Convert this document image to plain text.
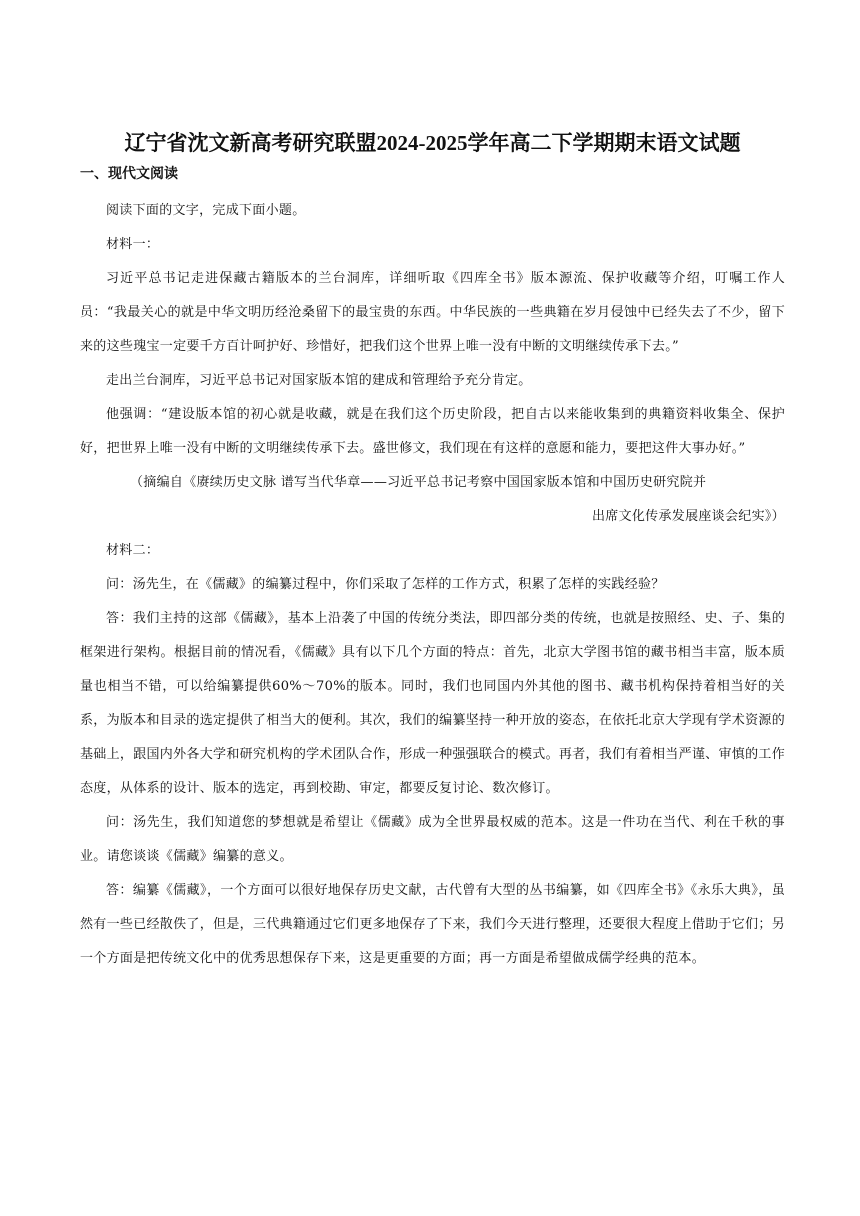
辽宁省沈文新高考研究联盟2024-2025学年高二下学期期末语文试题
一、现代文阅读

阅读下面的文字，完成下面小题。

材料一：

习近平总书记走进保藏古籍版本的兰台洞库，详细听取《四库全书》版本源流、保护收藏等介绍，叮嘱工作人员：“我最关心的就是中华文明历经沧桑留下的最宝贵的东西。中华民族的一些典籍在岁月侵蚀中已经失去了不少，留下来的这些瑰宝一定要千方百计呵护好、珍惜好，把我们这个世界上唯一没有中断的文明继续传承下去。”

走出兰台洞库，习近平总书记对国家版本馆的建成和管理给予充分肯定。

他强调：“建设版本馆的初心就是收藏，就是在我们这个历史阶段，把自古以来能收集到的典籍资料收集全、保护好，把世界上唯一没有中断的文明继续传承下去。盛世修文，我们现在有这样的意愿和能力，要把这件大事办好。”

（摘编自《赓续历史文脉 谱写当代华章——习近平总书记考察中国国家版本馆和中国历史研究院并

出席文化传承发展座谈会纪实》）

材料二：

问：汤先生，在《儒藏》的编纂过程中，你们采取了怎样的工作方式，积累了怎样的实践经验？

答：我们主持的这部《儒藏》，基本上沿袭了中国的传统分类法，即四部分类的传统，也就是按照经、史、子、集的框架进行架构。根据目前的情况看，《儒藏》具有以下几个方面的特点：首先，北京大学图书馆的藏书相当丰富，版本质量也相当不错，可以给编纂提供60%～70%的版本。同时，我们也同国内外其他的图书、藏书机构保持着相当好的关系，为版本和目录的选定提供了相当大的便利。其次，我们的编纂坚持一种开放的姿态，在依托北京大学现有学术资源的基础上，跟国内外各大学和研究机构的学术团队合作，形成一种强强联合的模式。再者，我们有着相当严谨、审慎的工作态度，从体系的设计、版本的选定，再到校勘、审定，都要反复讨论、数次修订。

问：汤先生，我们知道您的梦想就是希望让《儒藏》成为全世界最权威的范本。这是一件功在当代、利在千秋的事业。请您谈谈《儒藏》编纂的意义。

答：编纂《儒藏》，一个方面可以很好地保存历史文献，古代曾有大型的丛书编纂，如《四库全书》《永乐大典》，虽然有一些已经散佚了，但是，三代典籍通过它们更多地保存了下来，我们今天进行整理，还要很大程度上借助于它们；另一个方面是把传统文化中的优秀思想保存下来，这是更重要的方面；再一方面是希望做成儒学经典的范本。
